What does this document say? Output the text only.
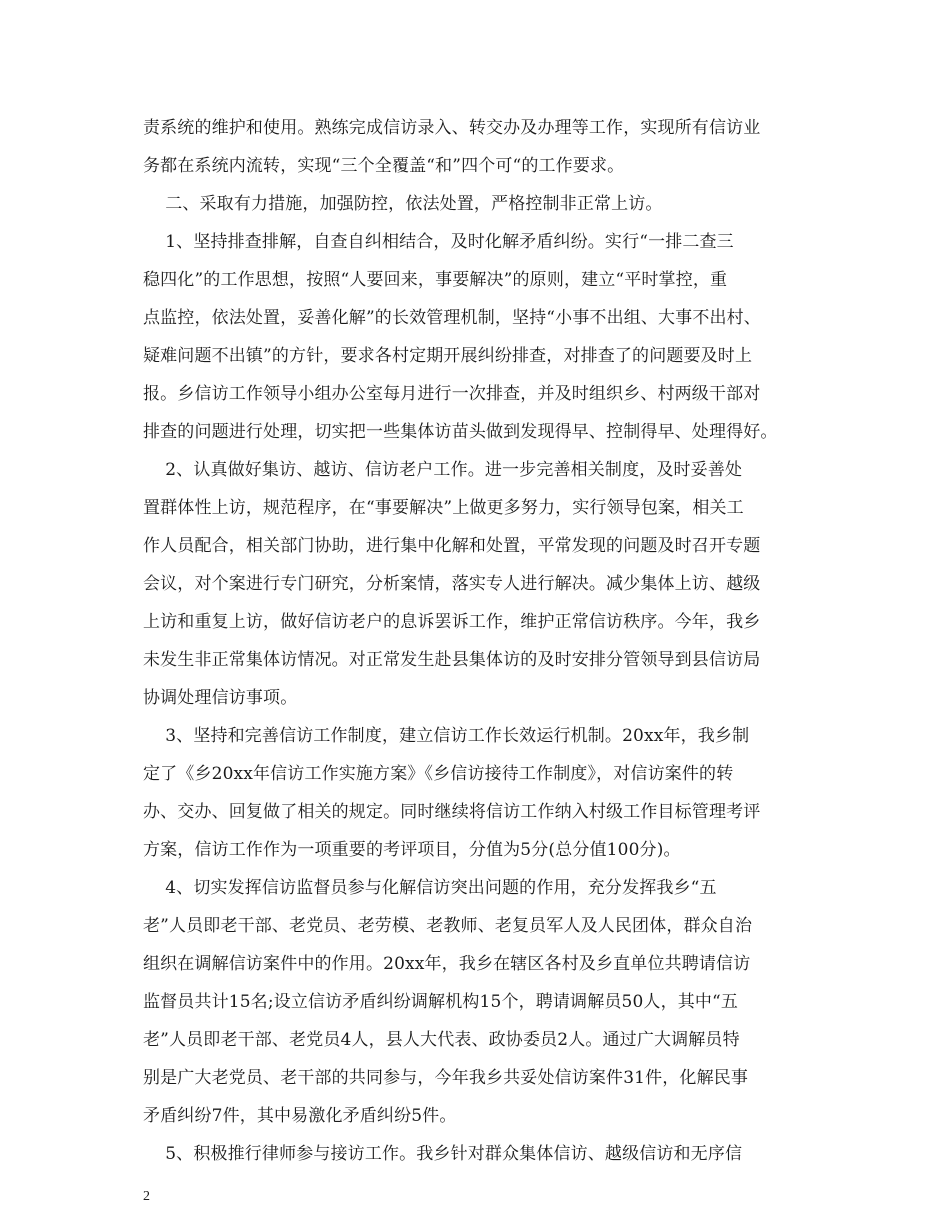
责系统的维护和使用。熟练完成信访录入、转交办及办理等工作，实现所有信访业
务都在系统内流转，实现“三个全覆盖“和”四个可“的工作要求。
二、采取有力措施，加强防控，依法处置，严格控制非正常上访。
1、坚持排查排解，自查自纠相结合，及时化解矛盾纠纷。实行“一排二查三
稳四化”的工作思想，按照“人要回来，事要解决”的原则，建立“平时掌控，重
点监控，依法处置，妥善化解”的长效管理机制，坚持“小事不出组、大事不出村、
疑难问题不出镇”的方针，要求各村定期开展纠纷排查，对排查了的问题要及时上
报。乡信访工作领导小组办公室每月进行一次排查，并及时组织乡、村两级干部对
排查的问题进行处理，切实把一些集体访苗头做到发现得早、控制得早、处理得好。
2、认真做好集访、越访、信访老户工作。进一步完善相关制度，及时妥善处
置群体性上访，规范程序，在“事要解决”上做更多努力，实行领导包案，相关工
作人员配合，相关部门协助，进行集中化解和处置，平常发现的问题及时召开专题
会议，对个案进行专门研究，分析案情，落实专人进行解决。减少集体上访、越级
上访和重复上访，做好信访老户的息诉罢诉工作，维护正常信访秩序。今年，我乡
未发生非正常集体访情况。对正常发生赴县集体访的及时安排分管领导到县信访局
协调处理信访事项。
3、坚持和完善信访工作制度，建立信访工作长效运行机制。20xx年，我乡制
定了《乡20xx年信访工作实施方案》《乡信访接待工作制度》，对信访案件的转
办、交办、回复做了相关的规定。同时继续将信访工作纳入村级工作目标管理考评
方案，信访工作作为一项重要的考评项目，分值为5分(总分值100分)。
4、切实发挥信访监督员参与化解信访突出问题的作用，充分发挥我乡“五
老”人员即老干部、老党员、老劳模、老教师、老复员军人及人民团体，群众自治
组织在调解信访案件中的作用。20xx年，我乡在辖区各村及乡直单位共聘请信访
监督员共计15名;设立信访矛盾纠纷调解机构15个，聘请调解员50人，其中“五
老”人员即老干部、老党员4人，县人大代表、政协委员2人。通过广大调解员特
别是广大老党员、老干部的共同参与，今年我乡共妥处信访案件31件，化解民事
矛盾纠纷7件，其中易激化矛盾纠纷5件。
5、积极推行律师参与接访工作。我乡针对群众集体信访、越级信访和无序信
2
